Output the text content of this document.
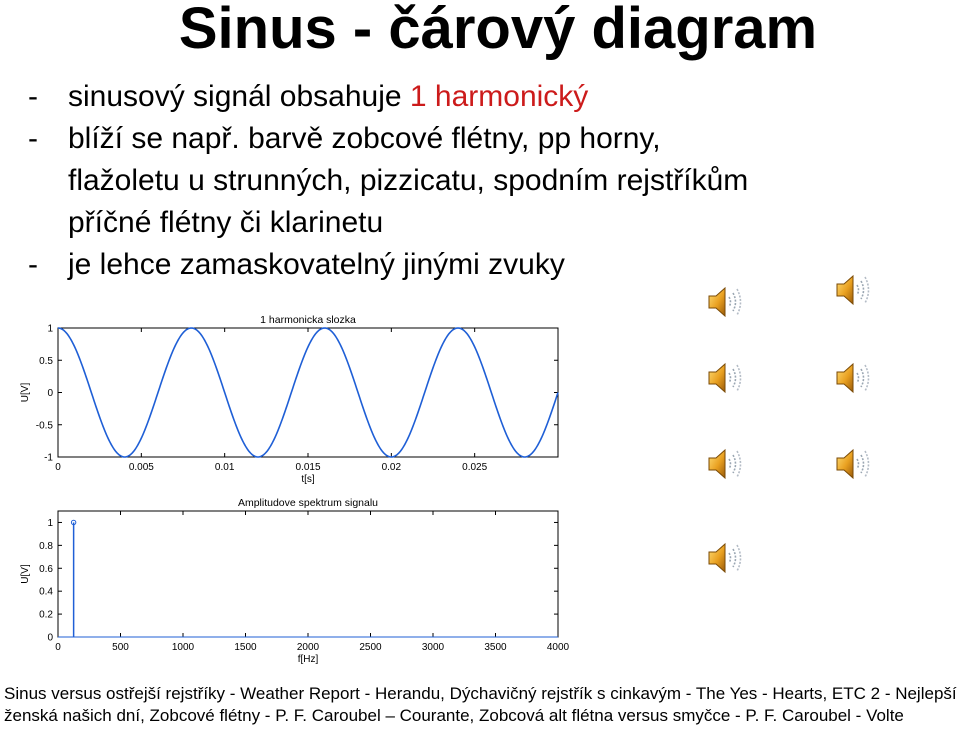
Sinus - čárový diagram
- sinusový signál obsahuje 1 harmonický
- blíží se např. barvě zobcové flétny, pp horny,
flažoletu u strunných, pizzicatu, spodním rejstříkům
příčné flétny či klarinetu
- je lehce zamaskovatelný jinými zvuky
1 harmonicka slozka
1
0.5
0
-0.5
-1
0	0.005	0.01	0.015	0.02	0.025
t[s]
U[V]
Amplitudove spektrum signalu
1
0.8
0.6
0.4
0.2
0
0	500	1000	1500	2000	2500	3000	3500	4000
f[Hz]
U[V]
Sinus versus ostřejší rejstříky - Weather Report - Herandu, Dýchavičný rejstřík s cinkavým - The Yes - Hearts, ETC 2 - Nejlepší ženská našich dní, Zobcové flétny - P. F. Caroubel – Courante, Zobcová alt flétna versus smyčce - P. F. Caroubel - Volte
